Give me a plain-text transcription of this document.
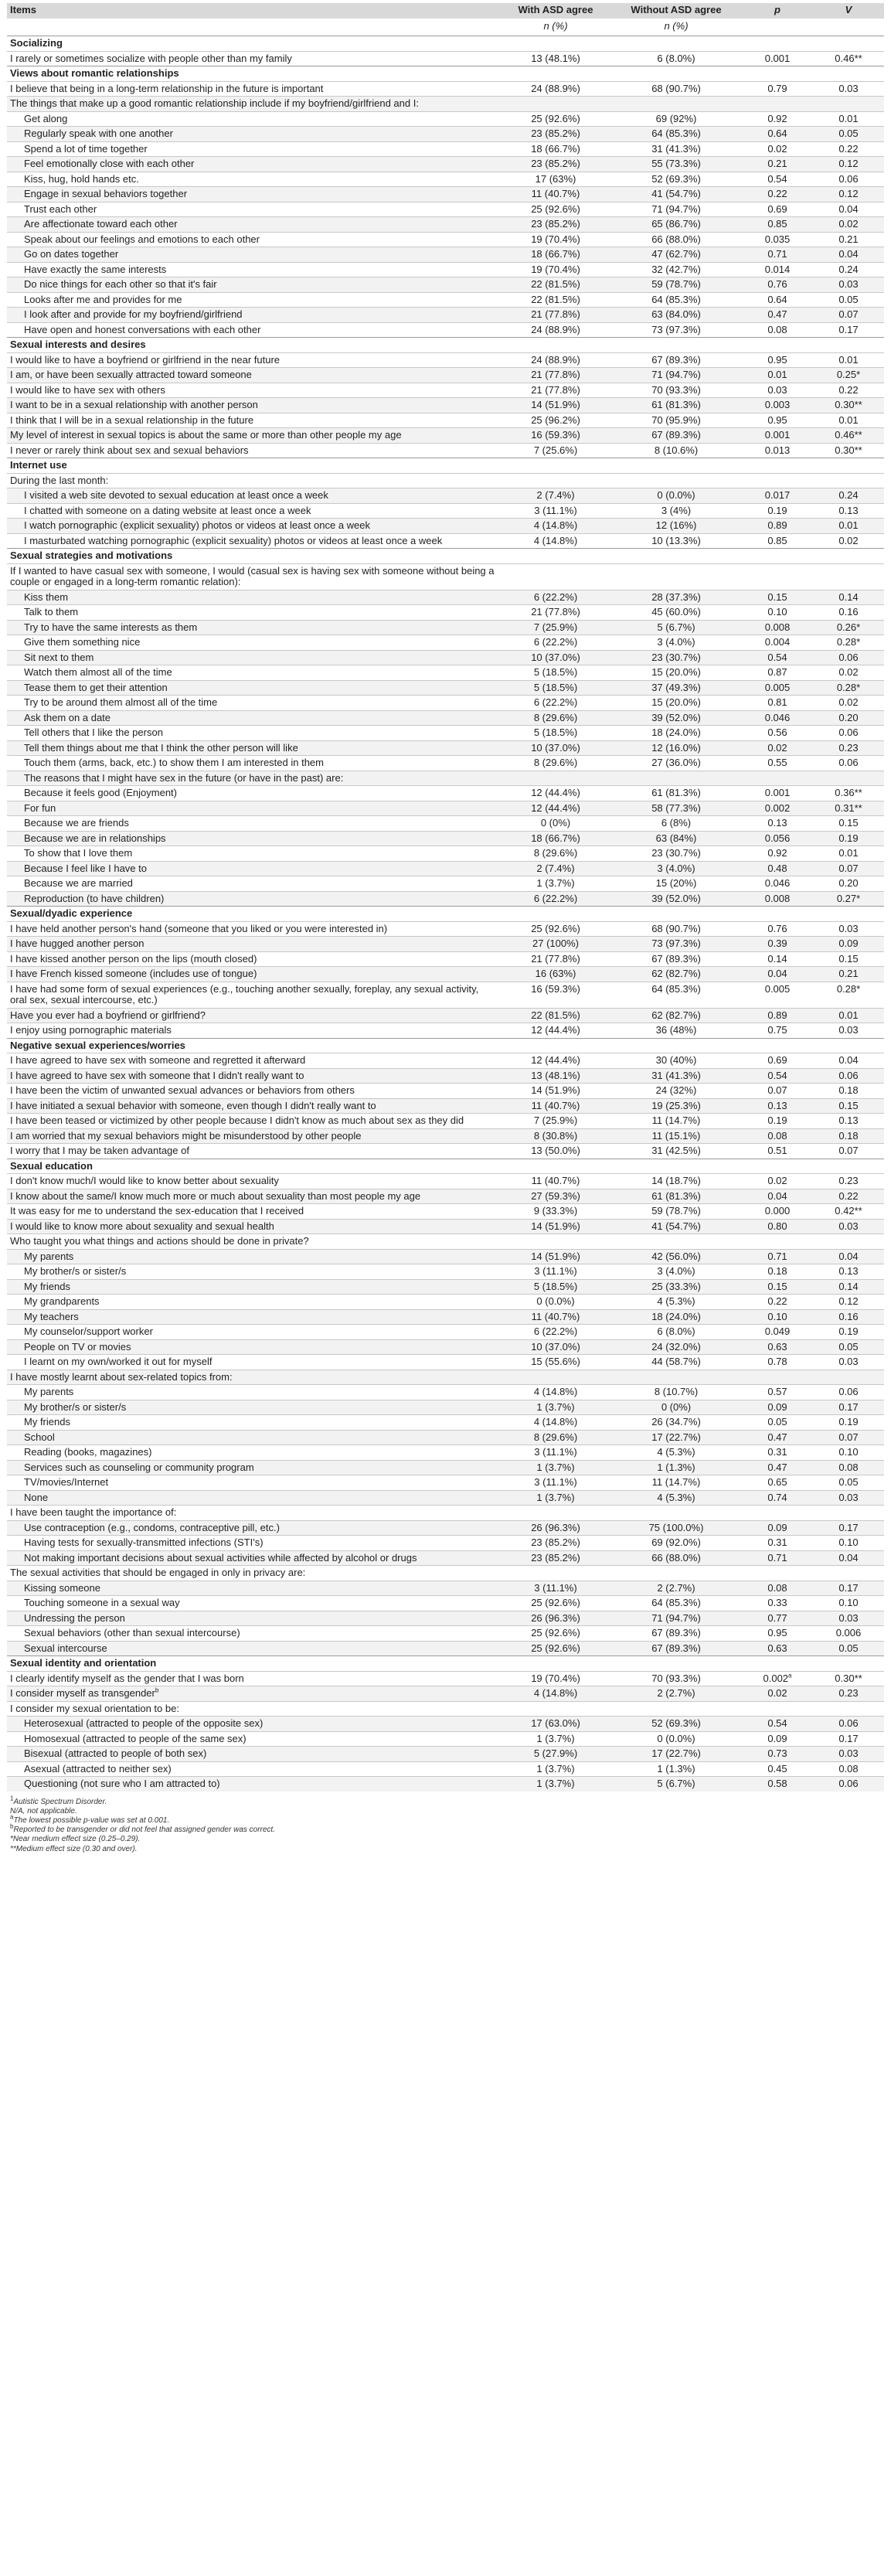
Items	With ASD agree	Without ASD agree	p	V
	n (%)	n (%)		
Socializing				
I rarely or sometimes socialize with people other than my family	13 (48.1%)	6 (8.0%)	0.001	0.46**
Views about romantic relationships				
I believe that being in a long-term relationship in the future is important	24 (88.9%)	68 (90.7%)	0.79	0.03
The things that make up a good romantic relationship include if my boyfriend/girlfriend and I:				
Get along	25 (92.6%)	69 (92%)	0.92	0.01
Regularly speak with one another	23 (85.2%)	64 (85.3%)	0.64	0.05
Spend a lot of time together	18 (66.7%)	31 (41.3%)	0.02	0.22
Feel emotionally close with each other	23 (85.2%)	55 (73.3%)	0.21	0.12
Kiss, hug, hold hands etc.	17 (63%)	52 (69.3%)	0.54	0.06
Engage in sexual behaviors together	11 (40.7%)	41 (54.7%)	0.22	0.12
Trust each other	25 (92.6%)	71 (94.7%)	0.69	0.04
Are affectionate toward each other	23 (85.2%)	65 (86.7%)	0.85	0.02
Speak about our feelings and emotions to each other	19 (70.4%)	66 (88.0%)	0.035	0.21
Go on dates together	18 (66.7%)	47 (62.7%)	0.71	0.04
Have exactly the same interests	19 (70.4%)	32 (42.7%)	0.014	0.24
Do nice things for each other so that it's fair	22 (81.5%)	59 (78.7%)	0.76	0.03
Looks after me and provides for me	22 (81.5%)	64 (85.3%)	0.64	0.05
I look after and provide for my boyfriend/girlfriend	21 (77.8%)	63 (84.0%)	0.47	0.07
Have open and honest conversations with each other	24 (88.9%)	73 (97.3%)	0.08	0.17
Sexual interests and desires				
I would like to have a boyfriend or girlfriend in the near future	24 (88.9%)	67 (89.3%)	0.95	0.01
I am, or have been sexually attracted toward someone	21 (77.8%)	71 (94.7%)	0.01	0.25*
I would like to have sex with others	21 (77.8%)	70 (93.3%)	0.03	0.22
I want to be in a sexual relationship with another person	14 (51.9%)	61 (81.3%)	0.003	0.30**
I think that I will be in a sexual relationship in the future	25 (96.2%)	70 (95.9%)	0.95	0.01
My level of interest in sexual topics is about the same or more than other people my age	16 (59.3%)	67 (89.3%)	0.001	0.46**
I never or rarely think about sex and sexual behaviors	7 (25.6%)	8 (10.6%)	0.013	0.30**
Internet use				
During the last month:				
I visited a web site devoted to sexual education at least once a week	2 (7.4%)	0 (0.0%)	0.017	0.24
I chatted with someone on a dating website at least once a week	3 (11.1%)	3 (4%)	0.19	0.13
I watch pornographic (explicit sexuality) photos or videos at least once a week	4 (14.8%)	12 (16%)	0.89	0.01
I masturbated watching pornographic (explicit sexuality) photos or videos at least once a week	4 (14.8%)	10 (13.3%)	0.85	0.02
Sexual strategies and motivations				
If I wanted to have casual sex with someone, I would (casual sex is having sex with someone without being a couple or engaged in a long-term romantic relation):				
Kiss them	6 (22.2%)	28 (37.3%)	0.15	0.14
Talk to them	21 (77.8%)	45 (60.0%)	0.10	0.16
Try to have the same interests as them	7 (25.9%)	5 (6.7%)	0.008	0.26*
Give them something nice	6 (22.2%)	3 (4.0%)	0.004	0.28*
Sit next to them	10 (37.0%)	23 (30.7%)	0.54	0.06
Watch them almost all of the time	5 (18.5%)	15 (20.0%)	0.87	0.02
Tease them to get their attention	5 (18.5%)	37 (49.3%)	0.005	0.28*
Try to be around them almost all of the time	6 (22.2%)	15 (20.0%)	0.81	0.02
Ask them on a date	8 (29.6%)	39 (52.0%)	0.046	0.20
Tell others that I like the person	5 (18.5%)	18 (24.0%)	0.56	0.06
Tell them things about me that I think the other person will like	10 (37.0%)	12 (16.0%)	0.02	0.23
Touch them (arms, back, etc.) to show them I am interested in them	8 (29.6%)	27 (36.0%)	0.55	0.06
The reasons that I might have sex in the future (or have in the past) are:				
Because it feels good (Enjoyment)	12 (44.4%)	61 (81.3%)	0.001	0.36**
For fun	12 (44.4%)	58 (77.3%)	0.002	0.31**
Because we are friends	0 (0%)	6 (8%)	0.13	0.15
Because we are in relationships	18 (66.7%)	63 (84%)	0.056	0.19
To show that I love them	8 (29.6%)	23 (30.7%)	0.92	0.01
Because I feel like I have to	2 (7.4%)	3 (4.0%)	0.48	0.07
Because we are married	1 (3.7%)	15 (20%)	0.046	0.20
Reproduction (to have children)	6 (22.2%)	39 (52.0%)	0.008	0.27*
Sexual/dyadic experience				
I have held another person's hand (someone that you liked or you were interested in)	25 (92.6%)	68 (90.7%)	0.76	0.03
I have hugged another person	27 (100%)	73 (97.3%)	0.39	0.09
I have kissed another person on the lips (mouth closed)	21 (77.8%)	67 (89.3%)	0.14	0.15
I have French kissed someone (includes use of tongue)	16 (63%)	62 (82.7%)	0.04	0.21
I have had some form of sexual experiences (e.g., touching another sexually, foreplay, any sexual activity, oral sex, sexual intercourse, etc.)	16 (59.3%)	64 (85.3%)	0.005	0.28*
Have you ever had a boyfriend or girlfriend?	22 (81.5%)	62 (82.7%)	0.89	0.01
I enjoy using pornographic materials	12 (44.4%)	36 (48%)	0.75	0.03
Negative sexual experiences/worries				
I have agreed to have sex with someone and regretted it afterward	12 (44.4%)	30 (40%)	0.69	0.04
I have agreed to have sex with someone that I didn't really want to	13 (48.1%)	31 (41.3%)	0.54	0.06
I have been the victim of unwanted sexual advances or behaviors from others	14 (51.9%)	24 (32%)	0.07	0.18
I have initiated a sexual behavior with someone, even though I didn't really want to	11 (40.7%)	19 (25.3%)	0.13	0.15
I have been teased or victimized by other people because I didn't know as much about sex as they did	7 (25.9%)	11 (14.7%)	0.19	0.13
I am worried that my sexual behaviors might be misunderstood by other people	8 (30.8%)	11 (15.1%)	0.08	0.18
I worry that I may be taken advantage of	13 (50.0%)	31 (42.5%)	0.51	0.07
Sexual education				
I don't know much/I would like to know better about sexuality	11 (40.7%)	14 (18.7%)	0.02	0.23
I know about the same/I know much more or much about sexuality than most people my age	27 (59.3%)	61 (81.3%)	0.04	0.22
It was easy for me to understand the sex-education that I received	9 (33.3%)	59 (78.7%)	0.000	0.42**
I would like to know more about sexuality and sexual health	14 (51.9%)	41 (54.7%)	0.80	0.03
Who taught you what things and actions should be done in private?				
My parents	14 (51.9%)	42 (56.0%)	0.71	0.04
My brother/s or sister/s	3 (11.1%)	3 (4.0%)	0.18	0.13
My friends	5 (18.5%)	25 (33.3%)	0.15	0.14
My grandparents	0 (0.0%)	4 (5.3%)	0.22	0.12
My teachers	11 (40.7%)	18 (24.0%)	0.10	0.16
My counselor/support worker	6 (22.2%)	6 (8.0%)	0.049	0.19
People on TV or movies	10 (37.0%)	24 (32.0%)	0.63	0.05
I learnt on my own/worked it out for myself	15 (55.6%)	44 (58.7%)	0.78	0.03
I have mostly learnt about sex-related topics from:				
My parents	4 (14.8%)	8 (10.7%)	0.57	0.06
My brother/s or sister/s	1 (3.7%)	0 (0%)	0.09	0.17
My friends	4 (14.8%)	26 (34.7%)	0.05	0.19
School	8 (29.6%)	17 (22.7%)	0.47	0.07
Reading (books, magazines)	3 (11.1%)	4 (5.3%)	0.31	0.10
Services such as counseling or community program	1 (3.7%)	1 (1.3%)	0.47	0.08
TV/movies/Internet	3 (11.1%)	11 (14.7%)	0.65	0.05
None	1 (3.7%)	4 (5.3%)	0.74	0.03
I have been taught the importance of:				
Use contraception (e.g., condoms, contraceptive pill, etc.)	26 (96.3%)	75 (100.0%)	0.09	0.17
Having tests for sexually-transmitted infections (STI's)	23 (85.2%)	69 (92.0%)	0.31	0.10
Not making important decisions about sexual activities while affected by alcohol or drugs	23 (85.2%)	66 (88.0%)	0.71	0.04
The sexual activities that should be engaged in only in privacy are:				
Kissing someone	3 (11.1%)	2 (2.7%)	0.08	0.17
Touching someone in a sexual way	25 (92.6%)	64 (85.3%)	0.33	0.10
Undressing the person	26 (96.3%)	71 (94.7%)	0.77	0.03
Sexual behaviors (other than sexual intercourse)	25 (92.6%)	67 (89.3%)	0.95	0.006
Sexual intercourse	25 (92.6%)	67 (89.3%)	0.63	0.05
Sexual identity and orientation				
I clearly identify myself as the gender that I was born	19 (70.4%)	70 (93.3%)	0.002$^a$	0.30**
I consider myself as transgender$^b$	4 (14.8%)	2 (2.7%)	0.02	0.23
I consider my sexual orientation to be:				
Heterosexual (attracted to people of the opposite sex)	17 (63.0%)	52 (69.3%)	0.54	0.06
Homosexual (attracted to people of the same sex)	1 (3.7%)	0 (0.0%)	0.09	0.17
Bisexual (attracted to people of both sex)	5 (27.9%)	17 (22.7%)	0.73	0.03
Asexual (attracted to neither sex)	1 (3.7%)	1 (1.3%)	0.45	0.08
Questioning (not sure who I am attracted to)	1 (3.7%)	5 (6.7%)	0.58	0.06

$^1$Autistic Spectrum Disorder.

N/A, not applicable.

$^a$The lowest possible p-value was set at 0.001.

$^b$Reported to be transgender or did not feel that assigned gender was correct.

*Near medium effect size (0.25–0.29).

**Medium effect size (0.30 and over).
